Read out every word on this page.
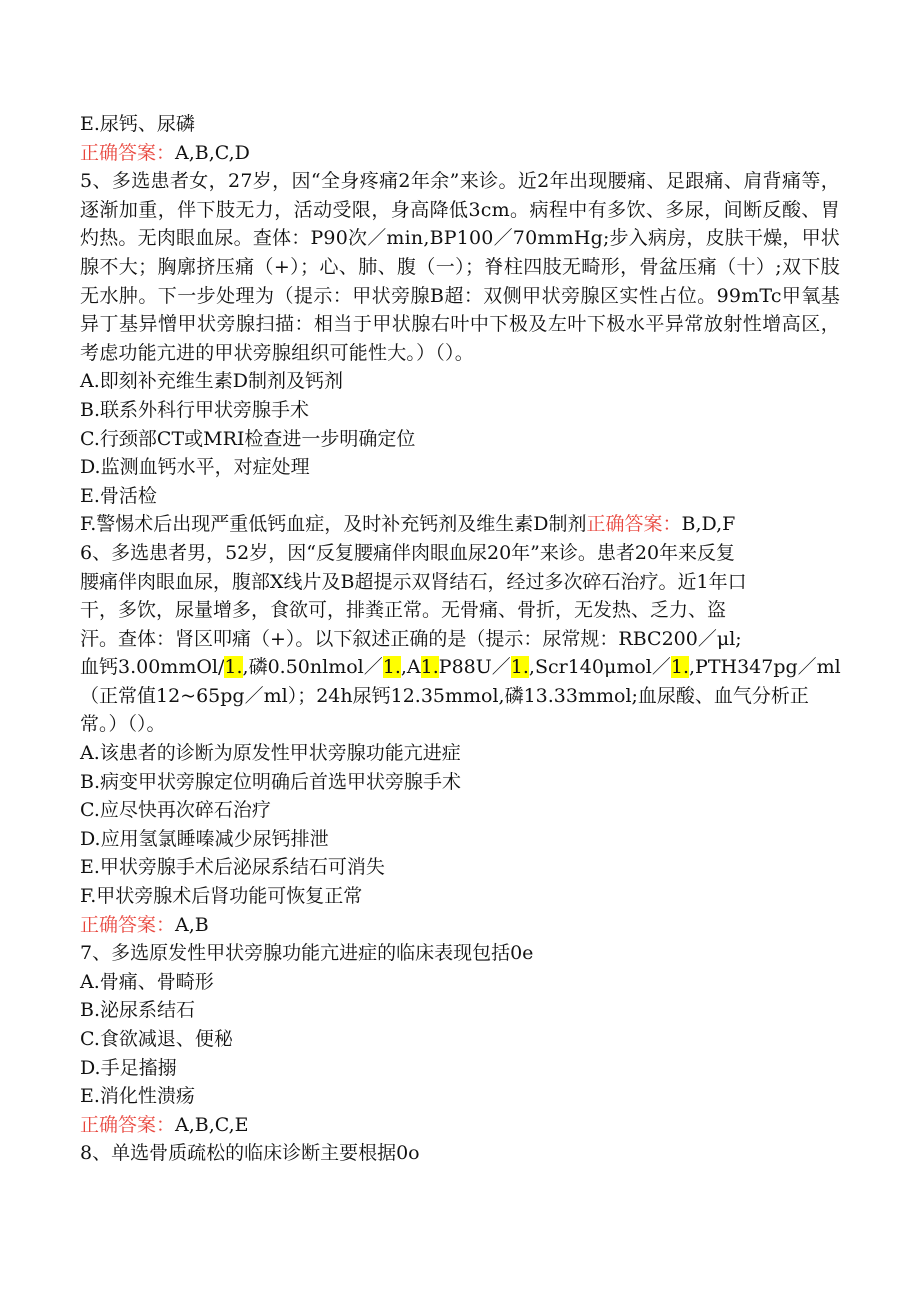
E.尿钙、尿磷
正确答案：A,B,C,D
5、多选患者女，27岁，因“全身疼痛2年余”来诊。近2年出现腰痛、足跟痛、肩背痛等，逐渐加重，伴下肢无力，活动受限，身高降低3cm。病程中有多饮、多尿，间断反酸、胃灼热。无肉眼血尿。查体：P90次／min,BP100／70mmHg;步入病房，皮肤干燥，甲状腺不大；胸廓挤压痛（+）；心、肺、腹（一）；脊柱四肢无畸形，骨盆压痛（十）;双下肢无水肿。下一步处理为（提示：甲状旁腺B超：双侧甲状旁腺区实性占位。99mTc甲氧基异丁基异憎甲状旁腺扫描：相当于甲状腺右叶中下极及左叶下极水平异常放射性增高区，考虑功能亢进的甲状旁腺组织可能性大。）（）。
A.即刻补充维生素D制剂及钙剂
B.联系外科行甲状旁腺手术
C.行颈部CT或MRI检查进一步明确定位
D.监测血钙水平，对症处理
E.骨活检
F.警惕术后出现严重低钙血症，及时补充钙剂及维生素D制剂正确答案：B,D,F
6、多选患者男，52岁，因“反复腰痛伴肉眼血尿20年”来诊。患者20年来反复
腰痛伴肉眼血尿，腹部X线片及B超提示双肾结石，经过多次碎石治疗。近1年口
干，多饮，尿量增多，食欲可，排粪正常。无骨痛、骨折，无发热、乏力、盗
汗。查体：肾区叩痛（+）。以下叙述正确的是（提示：尿常规：RBC200／μl;
血钙3.00mmOl/1.,磷0.50nlmol／1.,A1.P88U／1.,Scr140μmol／1.,PTH347pg／ml
（正常值12~65pg／ml）；24h尿钙12.35mmol,磷13.33mmol;血尿酸、血气分析正
常。）（）。
A.该患者的诊断为原发性甲状旁腺功能亢进症
B.病变甲状旁腺定位明确后首选甲状旁腺手术
C.应尽快再次碎石治疗
D.应用氢氯睡嗪减少尿钙排泄
E.甲状旁腺手术后泌尿系结石可消失
F.甲状旁腺术后肾功能可恢复正常
正确答案：A,B
7、多选原发性甲状旁腺功能亢进症的临床表现包括0e
A.骨痛、骨畸形
B.泌尿系结石
C.食欲减退、便秘
D.手足搐搦
E.消化性溃疡
正确答案：A,B,C,E
8、单选骨质疏松的临床诊断主要根据0o
